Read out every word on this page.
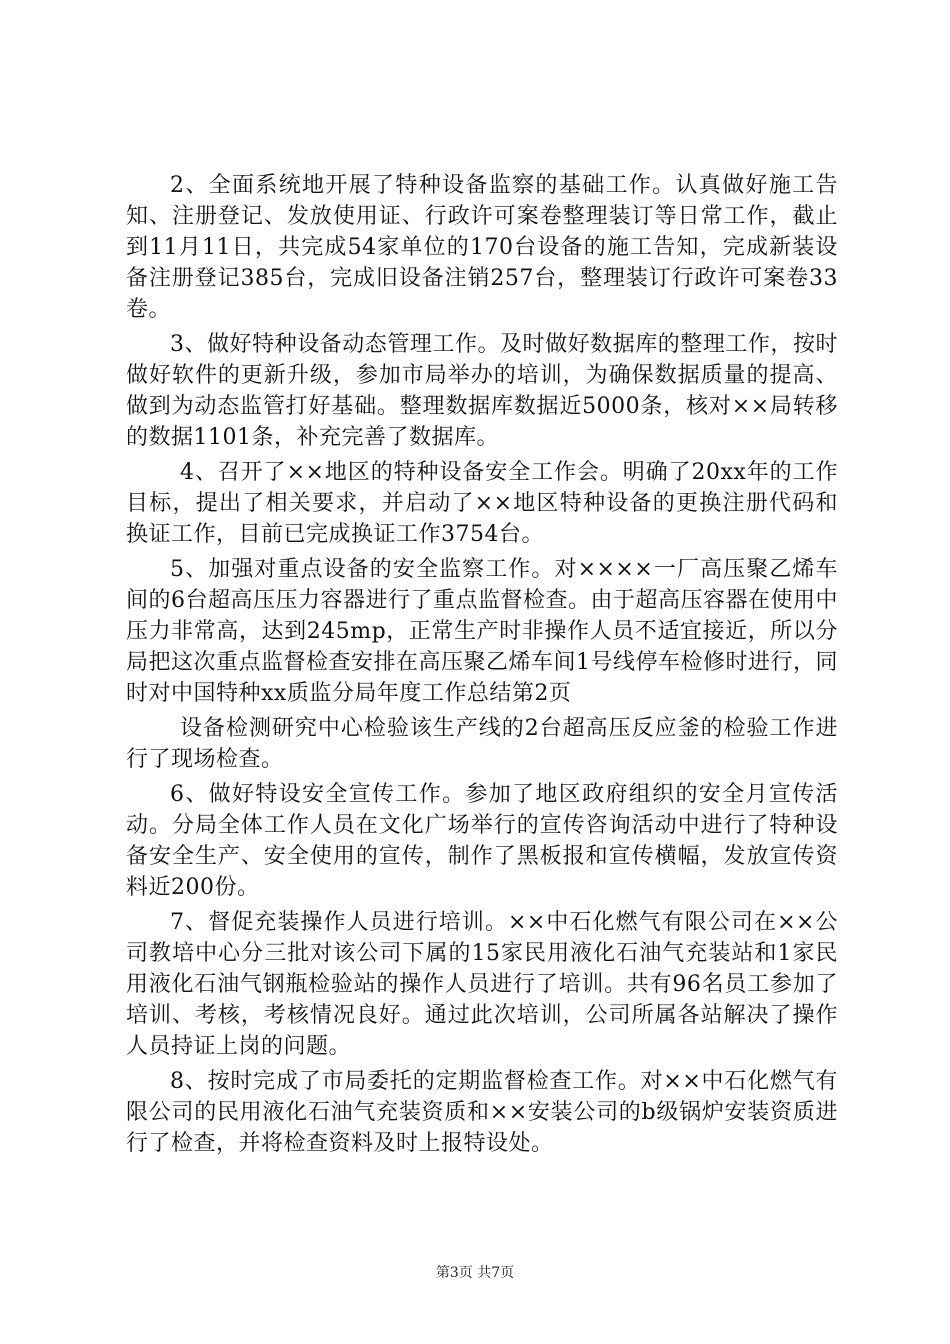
2、全面系统地开展了特种设备监察的基础工作。认真做好施工告知、注册登记、发放使用证、行政许可案卷整理装订等日常工作，截止到11月11日，共完成54家单位的170台设备的施工告知，完成新装设备注册登记385台，完成旧设备注销257台，整理装订行政许可案卷33卷。

3、做好特种设备动态管理工作。及时做好数据库的整理工作，按时做好软件的更新升级，参加市局举办的培训，为确保数据质量的提高、做到为动态监管打好基础。整理数据库数据近5000条，核对××局转移的数据1101条，补充完善了数据库。

4、召开了××地区的特种设备安全工作会。明确了20xx年的工作目标，提出了相关要求，并启动了××地区特种设备的更换注册代码和换证工作，目前已完成换证工作3754台。

5、加强对重点设备的安全监察工作。对××××一厂高压聚乙烯车间的6台超高压压力容器进行了重点监督检查。由于超高压容器在使用中压力非常高，达到245mp，正常生产时非操作人员不适宜接近，所以分局把这次重点监督检查安排在高压聚乙烯车间1号线停车检修时进行，同时对中国特种xx质监分局年度工作总结第2页

设备检测研究中心检验该生产线的2台超高压反应釜的检验工作进行了现场检查。

6、做好特设安全宣传工作。参加了地区政府组织的安全月宣传活动。分局全体工作人员在文化广场举行的宣传咨询活动中进行了特种设备安全生产、安全使用的宣传，制作了黑板报和宣传横幅，发放宣传资料近200份。

7、督促充装操作人员进行培训。××中石化燃气有限公司在××公司教培中心分三批对该公司下属的15家民用液化石油气充装站和1家民用液化石油气钢瓶检验站的操作人员进行了培训。共有96名员工参加了培训、考核，考核情况良好。通过此次培训，公司所属各站解决了操作人员持证上岗的问题。

8、按时完成了市局委托的定期监督检查工作。对××中石化燃气有限公司的民用液化石油气充装资质和××安装公司的b级锅炉安装资质进行了检查，并将检查资料及时上报特设处。

第3页 共7页
